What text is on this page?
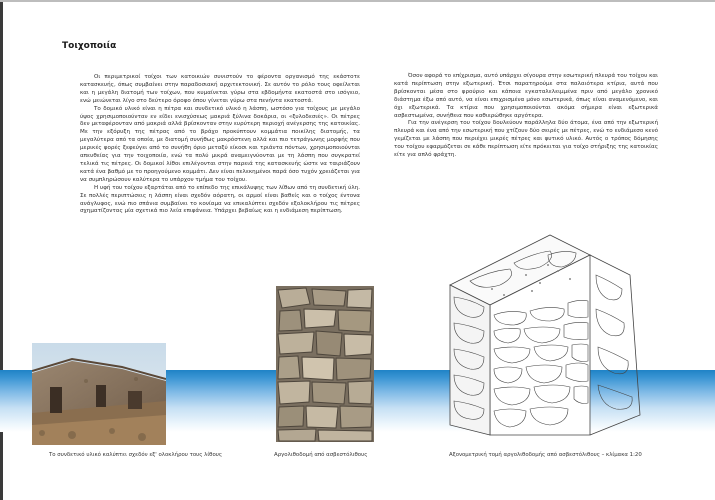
Τοιχοποιία

Οι περιμετρικοί τοίχοι των κατοικιών συνιστούν το φέροντα οργανισμό της εκάστοτε κατασκευής, όπως συμβαίνει στην παραδοσιακή αρχιτεκτονική. Σε αυτόν το ρόλο τους οφείλεται και η μεγάλη διατομή των τοίχων, που κυμαίνεται γύρω στα εβδομήντα εκατοστά στο ισόγειο, ενώ μειώνεται λίγο στο δεύτερο όροφο όπου γίνεται γύρω στα πενήντα εκατοστά.

Το δομικό υλικό είναι η πέτρα και συνδετικό υλικό η λάσπη, ωστόσο για τοίχους με μεγάλο ύψος χρησιμοποιούνταν εν είδει ενισχύσεως μακριά ξύλινα δοκάρια, οι «ξυλοδεσιές». Οι πέτρες δεν μεταφέρονταν από μακριά αλλά βρίσκονταν στην ευρύτερη περιοχή ανέγερσης της κατοικίας. Με την εξόρυξη της πέτρας από το βράχο προκύπτουν κομμάτια ποικίλης διατομής, τα μεγαλύτερα από τα οποία, με διατομή συνήθως μακρόστενη αλλά και πιο τετράγωνης μορφής που μερικές φορές ξεφεύγει από το συνήθη όριο μεταξύ είκοσι και τριάντα πόντων, χρησιμοποιούνται απευθείας για την τοιχοποιία, ενώ τα πολύ μικρά αναμειγνύονται με τη λάσπη που συγκρατεί τελικά τις πέτρες. Οι δομικοί λίθοι επιλέγονται στην παρειά της κατασκευής ώστε να ταιριάζουν κατά ένα βαθμό με το προηγούμενο κομμάτι. Δεν είναι πελεκημένοι παρά όσο τυχόν χρειάζεται για να συμπληρώσουν καλύτερα το υπάρχον τμήμα του τοίχου.

Η υφή του τοίχου εξαρτάται από το επίπεδο της επικάλυψης των λίθων από τη συνδετική ύλη. Σε πολλές περιπτώσεις η λάσπη είναι σχεδόν αόρατη, οι αρμοί είναι βαθείς και ο τοίχος έντονα ανάγλυφος, ενώ πιο σπάνια συμβαίνει το κονίαμα να επικαλύπτει σχεδόν εξολοκλήρου τις πέτρες σχηματίζοντας μία σχετικά πιο λεία επιφάνεια. Υπάρχει βεβαίως και η ενδιάμεση περίπτωση.

Όσον αφορά το επίχρισμα, αυτό υπάρχει σίγουρα στην εσωτερική πλευρά του τοίχου και κατά περίπτωση στην εξωτερική. Έτσι παρατηρούμε στα παλαιότερα κτίρια, αυτά που βρίσκονται μέσα στο φρούριο και κάποια εγκαταλελειμμένα πριν από μεγάλο χρονικό διάστημα έξω από αυτό, να είναι επιχρισμένα μόνο εσωτερικά, όπως είναι αναμενόμενο, και όχι εξωτερικά. Τα κτίρια που χρησιμοποιούνται ακόμα σήμερα είναι εξωτερικά ασβεστωμένα, συνήθεια που καθιερώθηκε αργότερα.

Για την ανέγερση του τοίχου δουλεύουν παράλληλα δύο άτομα, ένα από την εξωτερική πλευρά και ένα από την εσωτερική που χτίζουν δύο σειρές με πέτρες, ενώ το ενδιάμεσο κενό γεμίζεται με λάσπη που περιέχει μικρές πέτρες και φυτικό υλικό. Αυτός ο τρόπος δόμησης του τοίχου εφαρμόζεται σε κάθε περίπτωση είτε πρόκειται για τοίχο στήριξης της κατοικίας είτε για απλό φράχτη.

Το συνδετικό υλικό καλύπτει σχεδόν εξ' ολοκλήρου τους λίθους	Αργολιθοδομή από ασβεστόλιθους	Αξονομετρική τομή αργολιθοδομής από ασβεστόλιθους – κλίμακα 1:20
